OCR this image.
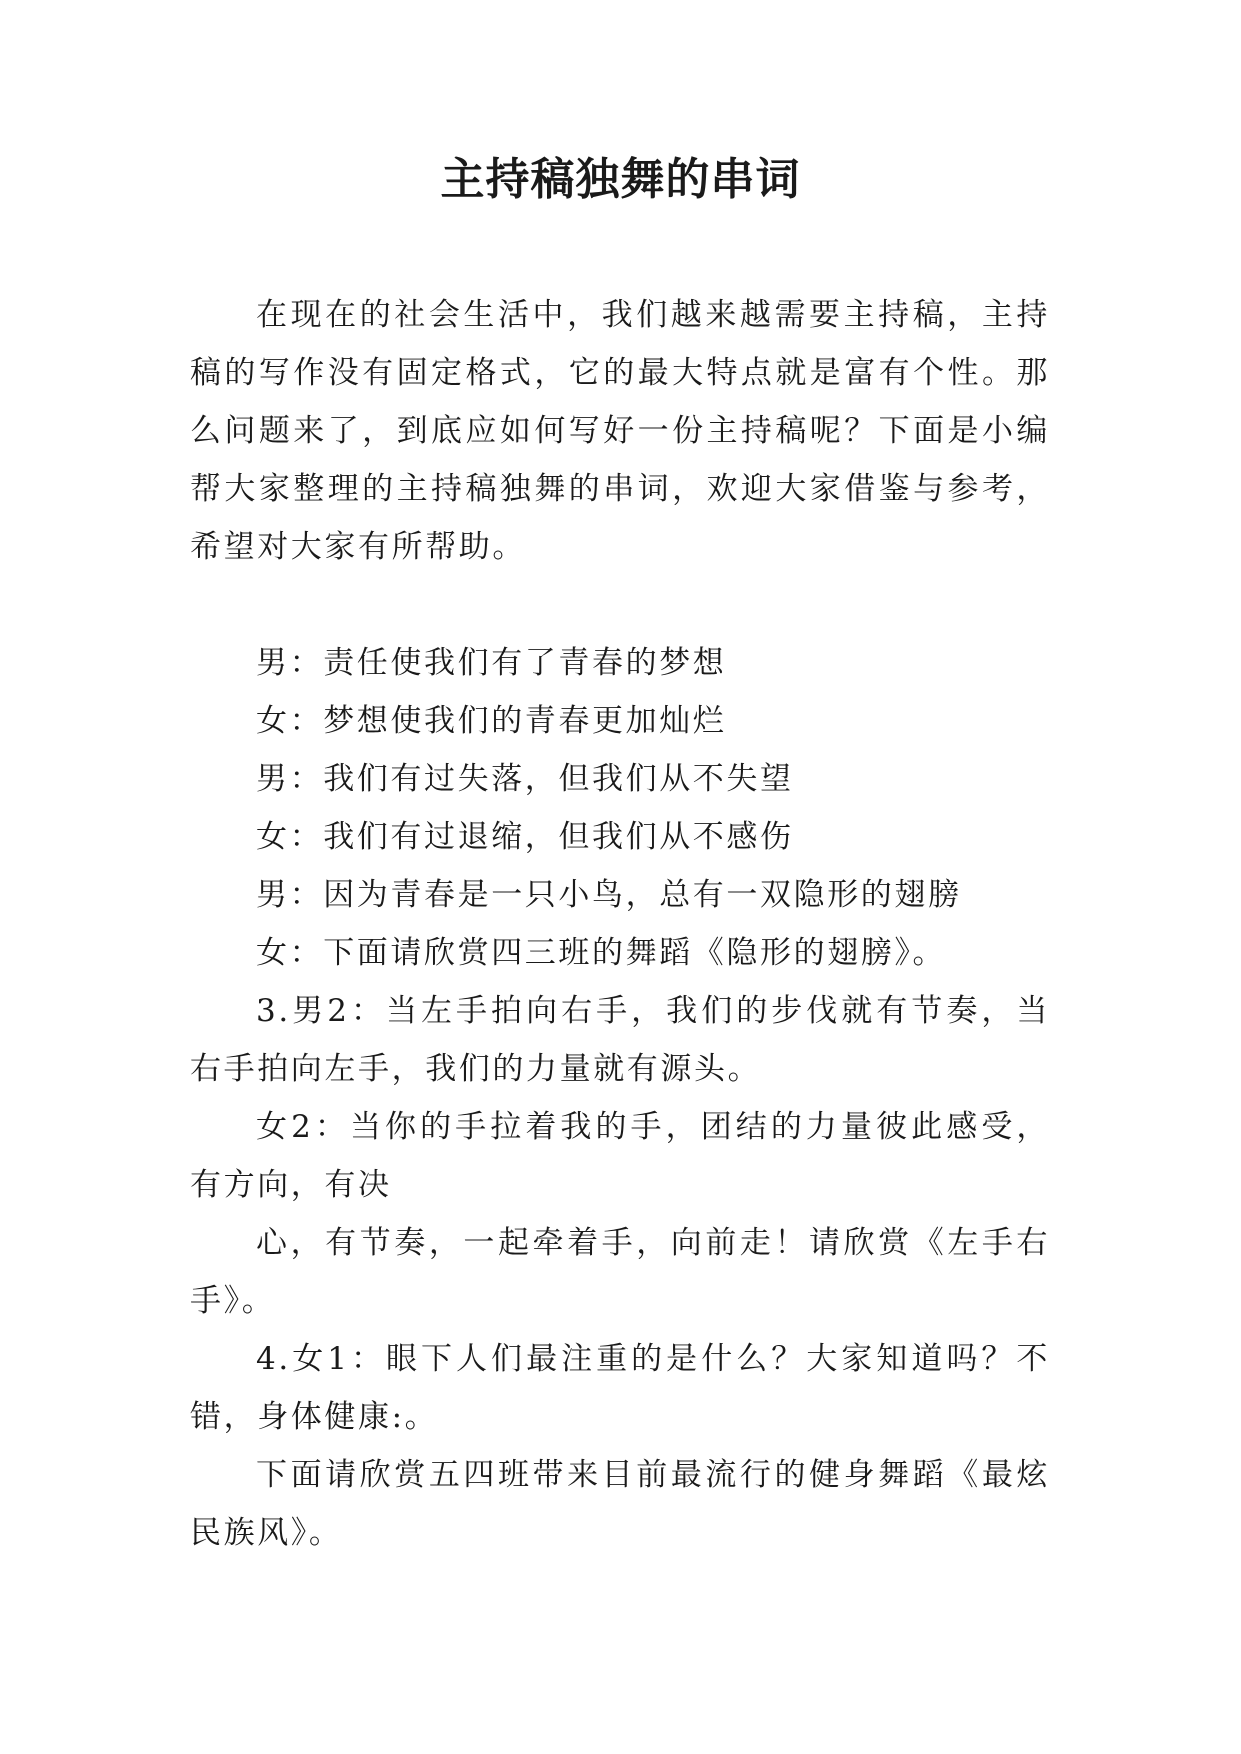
主持稿独舞的串词

在现在的社会生活中，我们越来越需要主持稿，主持稿的写作没有固定格式，它的最大特点就是富有个性。那么问题来了，到底应如何写好一份主持稿呢？下面是小编帮大家整理的主持稿独舞的串词，欢迎大家借鉴与参考，希望对大家有所帮助。

男：责任使我们有了青春的梦想

女：梦想使我们的青春更加灿烂

男：我们有过失落，但我们从不失望

女：我们有过退缩，但我们从不感伤

男：因为青春是一只小鸟，总有一双隐形的翅膀

女：下面请欣赏四三班的舞蹈《隐形的翅膀》。

3.男2：当左手拍向右手，我们的步伐就有节奏，当右手拍向左手，我们的力量就有源头。

女2：当你的手拉着我的手，团结的力量彼此感受，有方向，有决

心，有节奏，一起牵着手，向前走！请欣赏《左手右手》。

4.女1：眼下人们最注重的是什么？大家知道吗？不错，身体健康:。

下面请欣赏五四班带来目前最流行的健身舞蹈《最炫民族风》。
